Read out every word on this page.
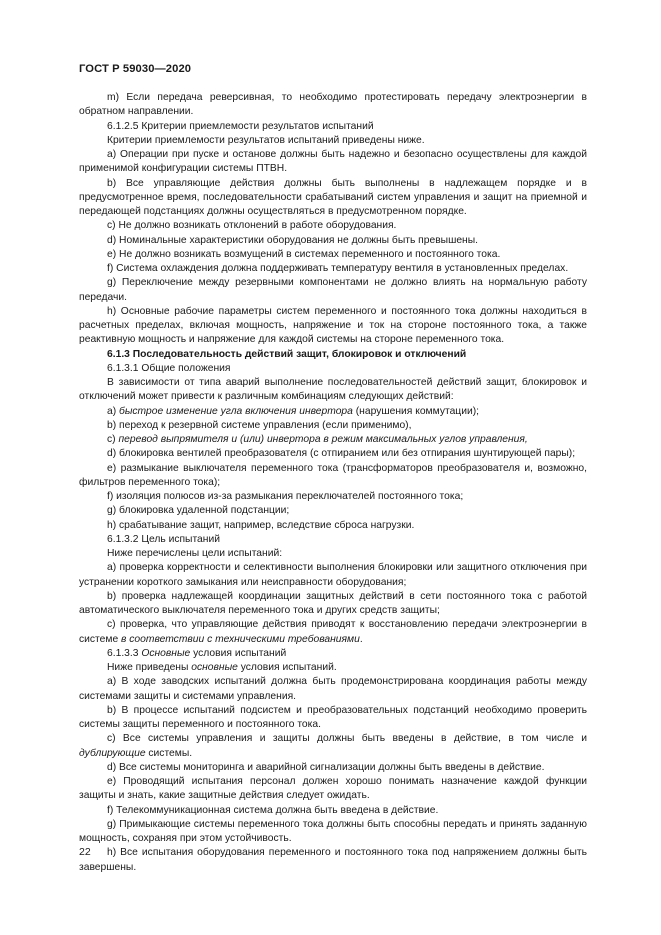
ГОСТ Р 59030—2020

m) Если передача реверсивная, то необходимо протестировать передачу электроэнергии в обратном направлении.

6.1.2.5 Критерии приемлемости результатов испытаний

Критерии приемлемости результатов испытаний приведены ниже.

a) Операции при пуске и останове должны быть надежно и безопасно осуществлены для каждой применимой конфигурации системы ПТВН.

b) Все управляющие действия должны быть выполнены в надлежащем порядке и в предусмотренное время, последовательности срабатываний систем управления и защит на приемной и передающей подстанциях должны осуществляться в предусмотренном порядке.

c) Не должно возникать отклонений в работе оборудования.

d) Номинальные характеристики оборудования не должны быть превышены.

e) Не должно возникать возмущений в системах переменного и постоянного тока.

f) Система охлаждения должна поддерживать температуру вентиля в установленных пределах.

g) Переключение между резервными компонентами не должно влиять на нормальную работу передачи.

h) Основные рабочие параметры систем переменного и постоянного тока должны находиться в расчетных пределах, включая мощность, напряжение и ток на стороне постоянного тока, а также реактивную мощность и напряжение для каждой системы на стороне переменного тока.

6.1.3 Последовательность действий защит, блокировок и отключений

6.1.3.1 Общие положения

В зависимости от типа аварий выполнение последовательностей действий защит, блокировок и отключений может привести к различным комбинациям следующих действий:

a) быстрое изменение угла включения инвертора (нарушения коммутации);

b) переход к резервной системе управления (если применимо),

c) перевод выпрямителя и (или) инвертора в режим максимальных углов управления,

d) блокировка вентилей преобразователя (с отпиранием или без отпирания шунтирующей пары);

e) размыкание выключателя переменного тока (трансформаторов преобразователя и, возможно, фильтров переменного тока);

f) изоляция полюсов из-за размыкания переключателей постоянного тока;

g) блокировка удаленной подстанции;

h) срабатывание защит, например, вследствие сброса нагрузки.

6.1.3.2 Цель испытаний

Ниже перечислены цели испытаний:

a) проверка корректности и селективности выполнения блокировки или защитного отключения при устранении короткого замыкания или неисправности оборудования;

b) проверка надлежащей координации защитных действий в сети постоянного тока с работой автоматического выключателя переменного тока и других средств защиты;

c) проверка, что управляющие действия приводят к восстановлению передачи электроэнергии в системе в соответствии с техническими требованиями.

6.1.3.3 Основные условия испытаний

Ниже приведены основные условия испытаний.

a) В ходе заводских испытаний должна быть продемонстрирована координация работы между системами защиты и системами управления.

b) В процессе испытаний подсистем и преобразовательных подстанций необходимо проверить системы защиты переменного и постоянного тока.

c) Все системы управления и защиты должны быть введены в действие, в том числе и дублирующие системы.

d) Все системы мониторинга и аварийной сигнализации должны быть введены в действие.

e) Проводящий испытания персонал должен хорошо понимать назначение каждой функции защиты и знать, какие защитные действия следует ожидать.

f) Телекоммуникационная система должна быть введена в действие.

g) Примыкающие системы переменного тока должны быть способны передать и принять заданную мощность, сохраняя при этом устойчивость.

h) Все испытания оборудования переменного и постоянного тока под напряжением должны быть завершены.

22
